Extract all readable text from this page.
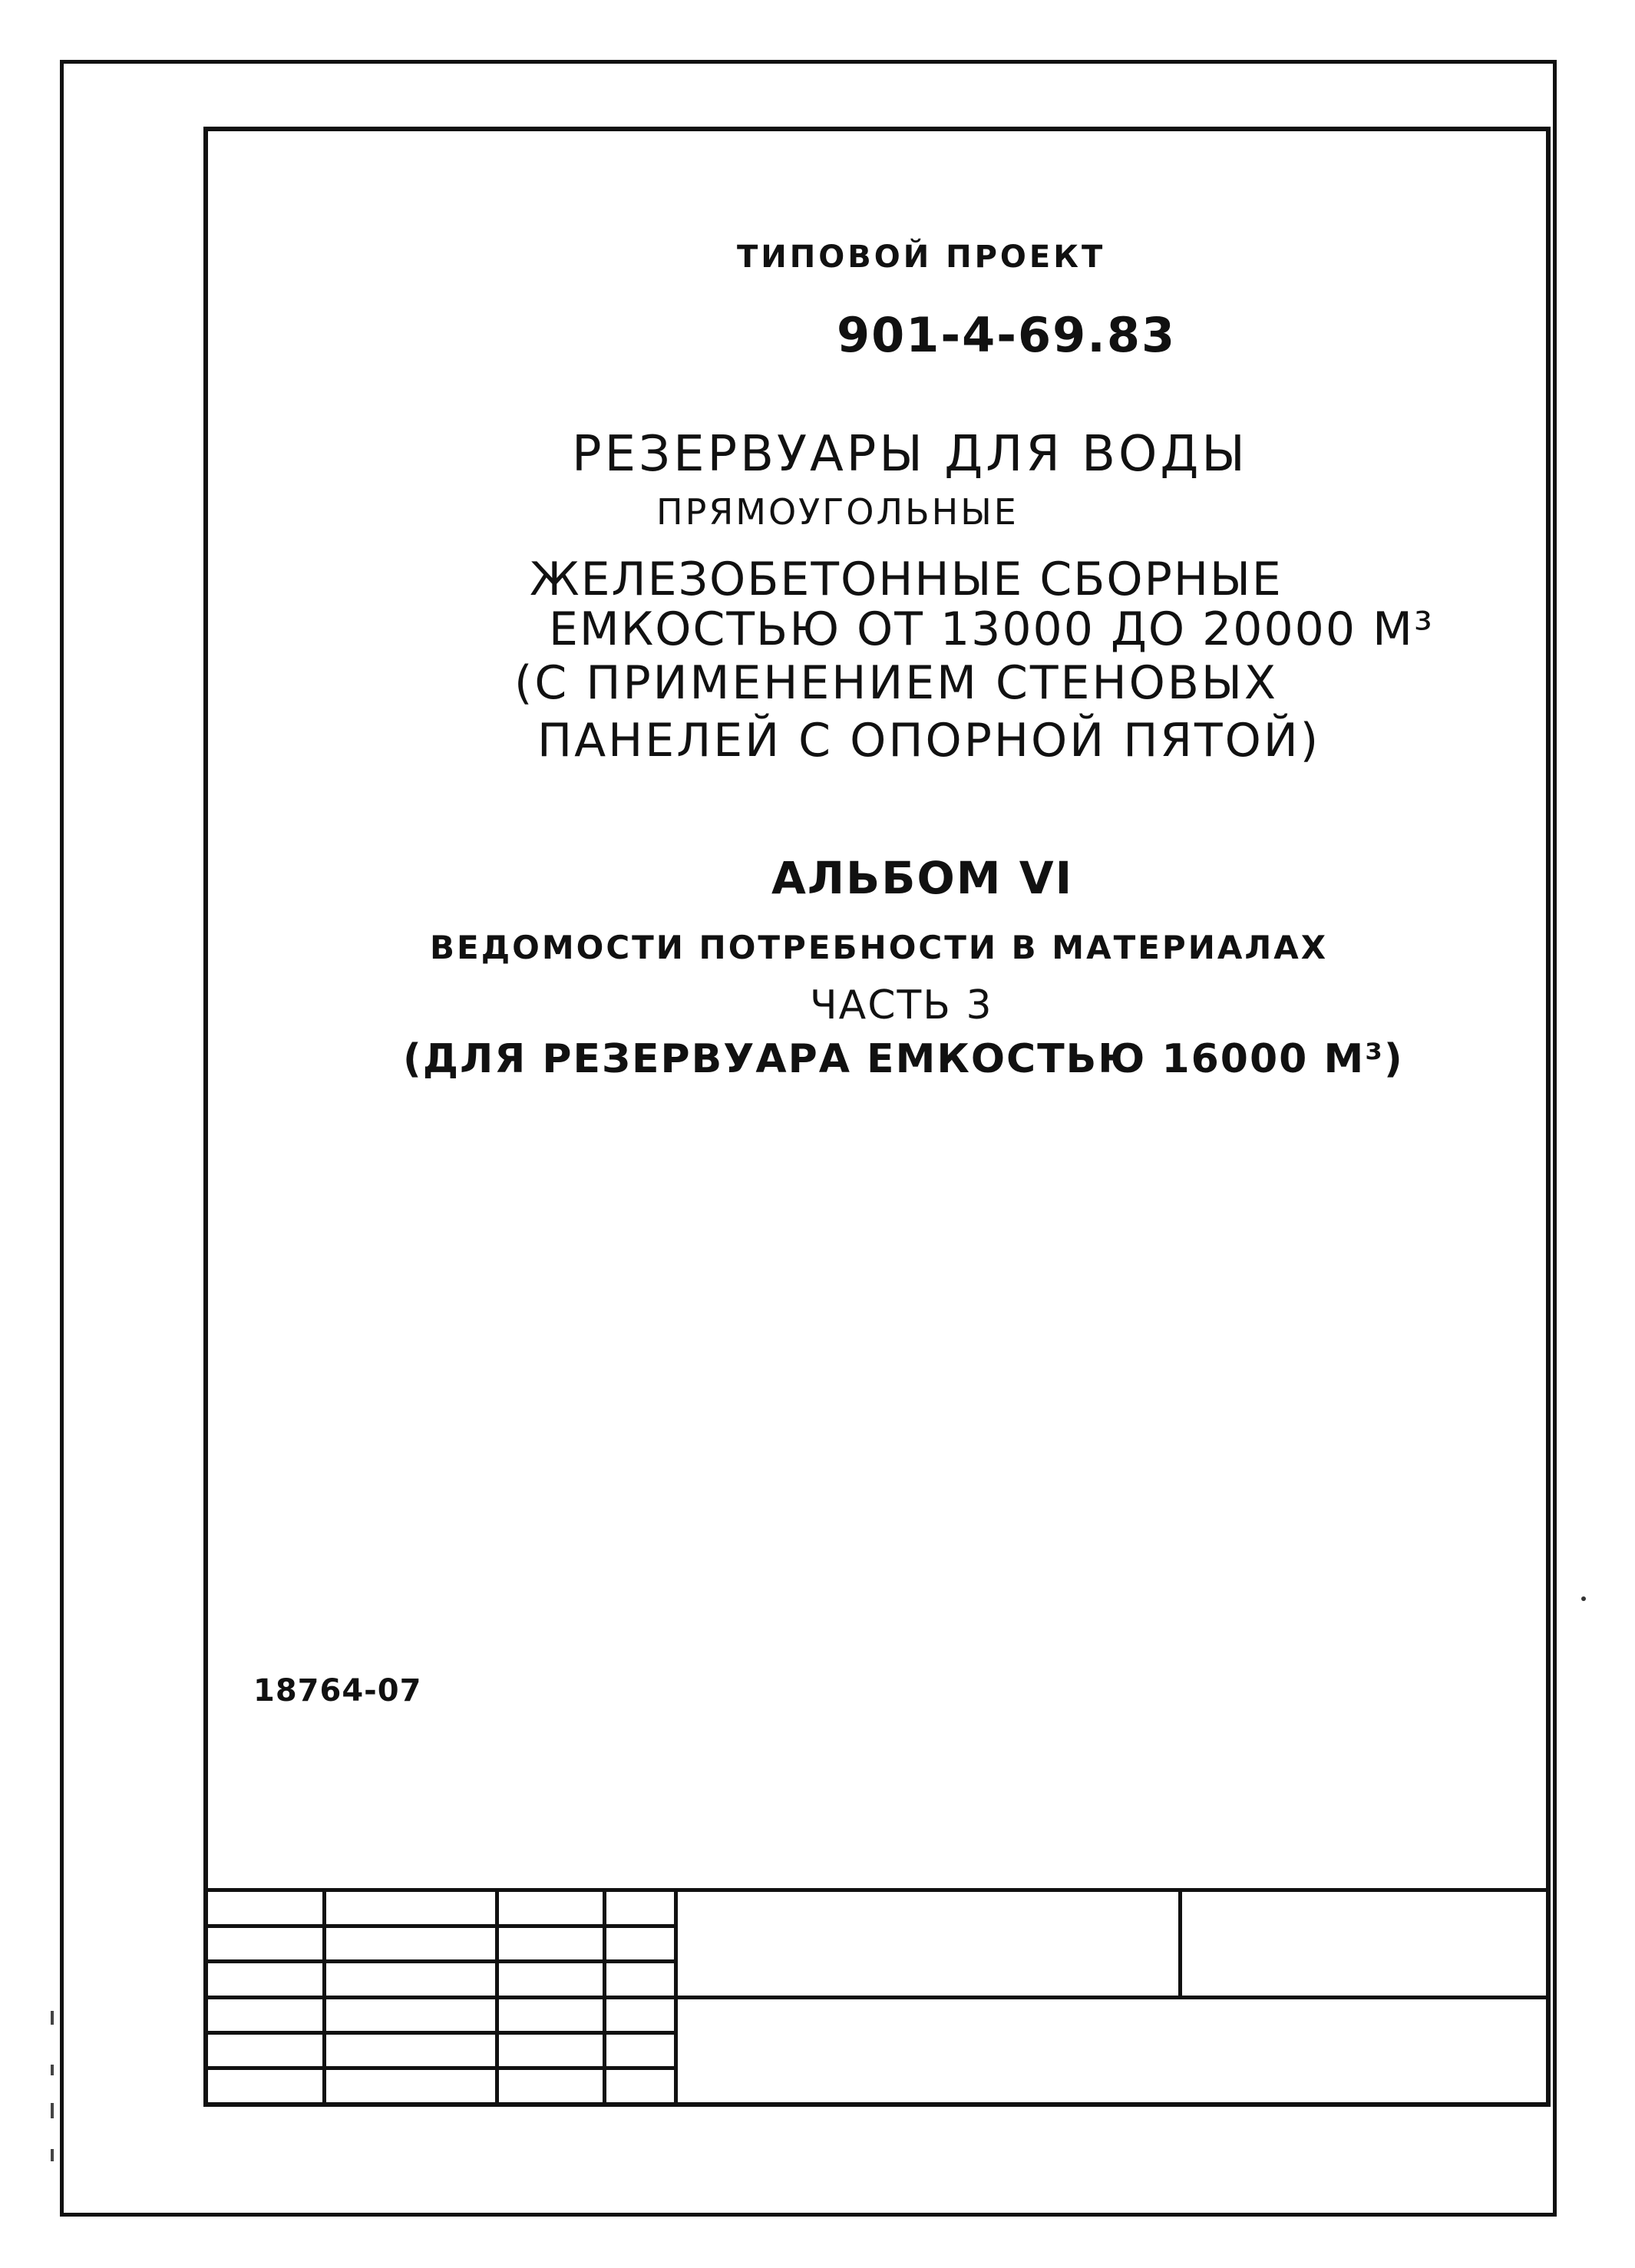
ТИПОВОЙ ПРОЕКТ
901-4-69.83
РЕЗЕРВУАРЫ ДЛЯ ВОДЫ
ПРЯМОУГОЛЬНЫЕ
ЖЕЛЕЗОБЕТОННЫЕ СБОРНЫЕ
ЕМКОСТЬЮ ОТ 13000 ДО 20000 М³
(С ПРИМЕНЕНИЕМ СТЕНОВЫХ
ПАНЕЛЕЙ С ОПОРНОЙ ПЯТОЙ)
АЛЬБОМ VI
ВЕДОМОСТИ ПОТРЕБНОСТИ В МАТЕРИАЛАХ
ЧАСТЬ 3
(ДЛЯ РЕЗЕРВУАРА ЕМКОСТЬЮ 16000 М³)
18764-07
